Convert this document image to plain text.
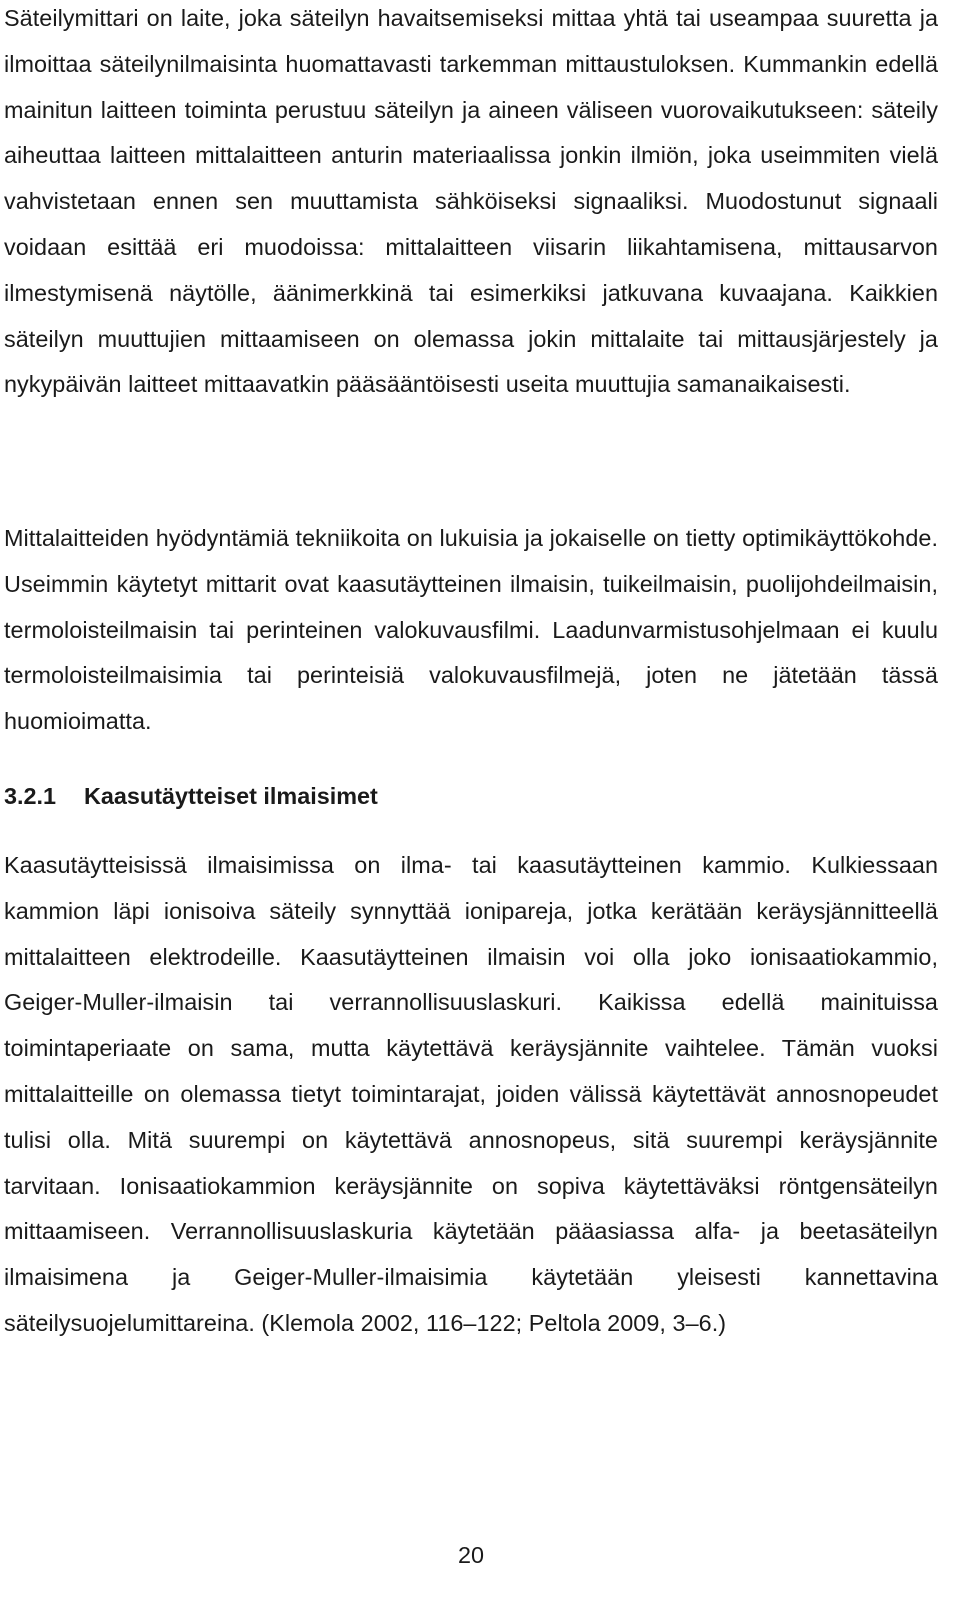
Säteilymittari on laite, joka säteilyn havaitsemiseksi mittaa yhtä tai useampaa suuretta ja ilmoittaa säteilynilmaisinta huomattavasti tarkemman mittaustuloksen. Kummankin edellä mainitun laitteen toiminta perustuu säteilyn ja aineen väliseen vuorovaikutukseen: säteily aiheuttaa laitteen mittalaitteen anturin materiaalissa jonkin ilmiön, joka useimmiten vielä vahvistetaan ennen sen muuttamista sähköiseksi signaaliksi. Muodostunut signaali voidaan esittää eri muodoissa: mittalaitteen viisarin liikahtamisena, mittausarvon ilmestymisenä näytölle, äänimerkkinä tai esimerkiksi jatkuvana kuvaajana. Kaikkien säteilyn muuttujien mittaamiseen on olemassa jokin mittalaite tai mittausjärjestely ja nykypäivän laitteet mittaavatkin pääsääntöisesti useita muuttujia samanaikaisesti.

Mittalaitteiden hyödyntämiä tekniikoita on lukuisia ja jokaiselle on tietty optimikäyttökohde. Useimmin käytetyt mittarit ovat kaasutäytteinen ilmaisin, tuikeilmaisin, puolijohdeilmaisin, termoloisteilmaisin tai perinteinen valokuvausfilmi. Laadunvarmistusohjelmaan ei kuulu termoloisteilmaisimia tai perinteisiä valokuvausfilmejä, joten ne jätetään tässä huomioimatta.

3.2.1 Kaasutäytteiset ilmaisimet

Kaasutäytteisissä ilmaisimissa on ilma- tai kaasutäytteinen kammio. Kulkiessaan kammion läpi ionisoiva säteily synnyttää ionipareja, jotka kerätään keräysjännitteellä mittalaitteen elektrodeille. Kaasutäytteinen ilmaisin voi olla joko ionisaatiokammio, Geiger-Muller-ilmaisin tai verrannollisuuslaskuri. Kaikissa edellä mainituissa toimintaperiaate on sama, mutta käytettävä keräysjännite vaihtelee. Tämän vuoksi mittalaitteille on olemassa tietyt toimintarajat, joiden välissä käytettävät annosnopeudet tulisi olla. Mitä suurempi on käytettävä annosnopeus, sitä suurempi keräysjännite tarvitaan. Ionisaatiokammion keräysjännite on sopiva käytettäväksi röntgensäteilyn mittaamiseen. Verrannollisuuslaskuria käytetään pääasiassa alfa- ja beetasäteilyn ilmaisimena ja Geiger-Muller-ilmaisimia käytetään yleisesti kannettavina säteilysuojelumittareina. (Klemola 2002, 116–122; Peltola 2009, 3–6.)

20
